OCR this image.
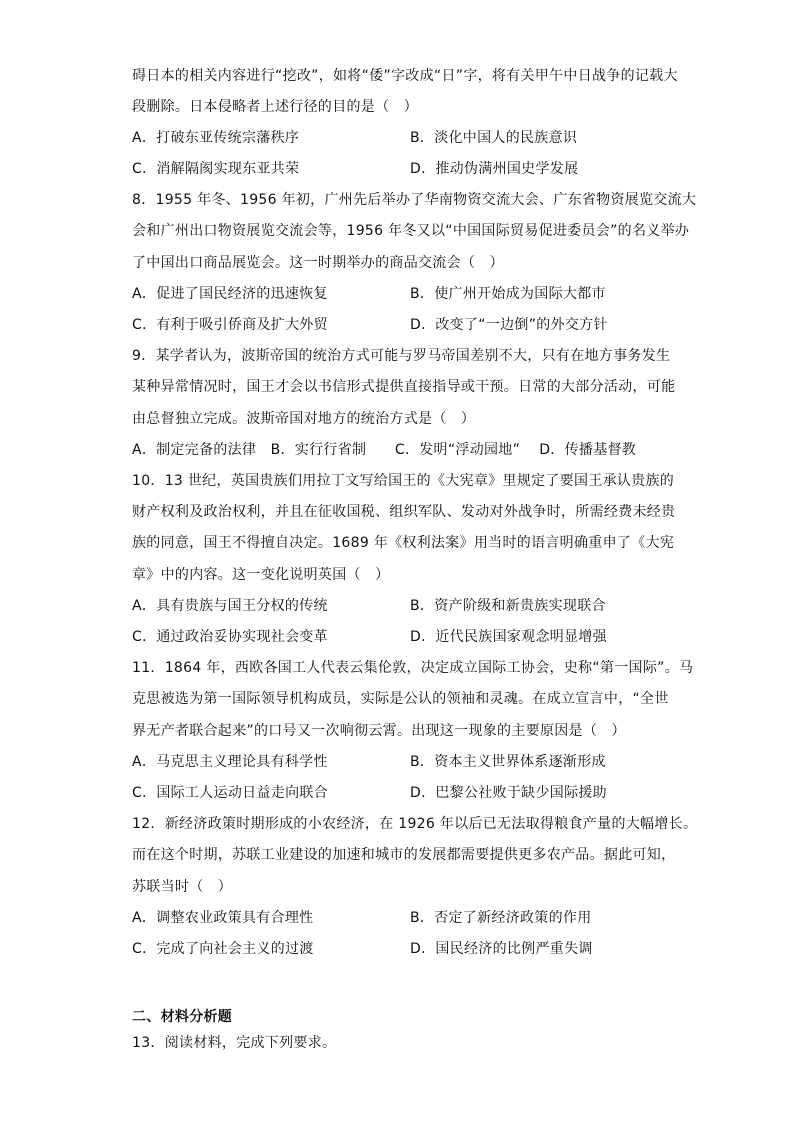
碍日本的相关内容进行“挖改”，如将“倭”字改成“日”字，将有关甲午中日战争的记载大
段删除。日本侵略者上述行径的目的是（　）
A．打破东亚传统宗藩秩序	B．淡化中国人的民族意识
C．消解隔阂实现东亚共荣	D．推动伪满州国史学发展
8．1955 年冬、1956 年初，广州先后举办了华南物资交流大会、广东省物资展览交流大
会和广州出口物资展览交流会等，1956 年冬又以“中国国际贸易促进委员会”的名义举办
了中国出口商品展览会。这一时期举办的商品交流会（　）
A．促进了国民经济的迅速恢复	B．使广州开始成为国际大都市
C．有利于吸引侨商及扩大外贸	D．改变了“一边倒”的外交方针
9．某学者认为，波斯帝国的统治方式可能与罗马帝国差别不大，只有在地方事务发生
某种异常情况时，国王才会以书信形式提供直接指导或干预。日常的大部分活动，可能
由总督独立完成。波斯帝国对地方的统治方式是（　）
A．制定完备的法律　B．实行行省制　　C．发明“浮动园地”　 D．传播基督教
10．13 世纪，英国贵族们用拉丁文写给国王的《大宪章》里规定了要国王承认贵族的
财产权利及政治权利，并且在征收国税、组织军队、发动对外战争时，所需经费未经贵
族的同意，国王不得擅自决定。1689 年《权利法案》用当时的语言明确重申了《大宪
章》中的内容。这一变化说明英国（　）
A．具有贵族与国王分权的传统	B．资产阶级和新贵族实现联合
C．通过政治妥协实现社会变革	D．近代民族国家观念明显增强
11．1864 年，西欧各国工人代表云集伦敦，决定成立国际工协会，史称“第一国际”。马
克思被选为第一国际领导机构成员，实际是公认的领袖和灵魂。在成立宣言中，“全世
界无产者联合起来”的口号又一次响彻云霄。出现这一现象的主要原因是（　）
A．马克思主义理论具有科学性	B．资本主义世界体系逐渐形成
C．国际工人运动日益走向联合	D．巴黎公社败于缺少国际援助
12．新经济政策时期形成的小农经济，在 1926 年以后已无法取得粮食产量的大幅增长。
而在这个时期，苏联工业建设的加速和城市的发展都需要提供更多农产品。据此可知，
苏联当时（　）
A．调整农业政策具有合理性	B．否定了新经济政策的作用
C．完成了向社会主义的过渡	D．国民经济的比例严重失调
二、材料分析题
13．阅读材料，完成下列要求。
